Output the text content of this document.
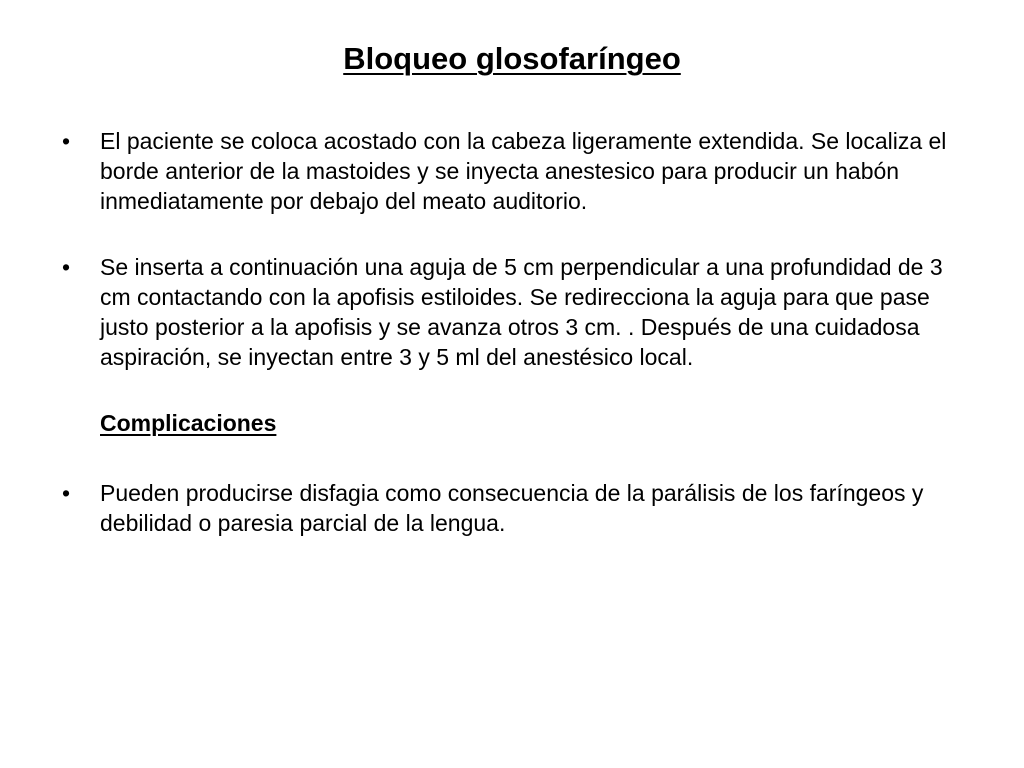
Bloqueo glosofaríngeo
• El paciente se coloca acostado con la cabeza ligeramente extendida. Se localiza el borde anterior de la mastoides y se inyecta anestesico para producir un habón inmediatamente por debajo del meato auditorio.
• Se inserta a continuación una aguja de 5 cm perpendicular a una profundidad de 3 cm contactando con la apofisis estiloides. Se redirecciona la aguja para que pase justo posterior a la apofisis y se avanza otros 3 cm. . Después de una cuidadosa aspiración, se inyectan entre 3 y 5 ml del anestésico local.
Complicaciones
• Pueden producirse disfagia como consecuencia de la parálisis de los faríngeos y debilidad o paresia parcial de la lengua.
